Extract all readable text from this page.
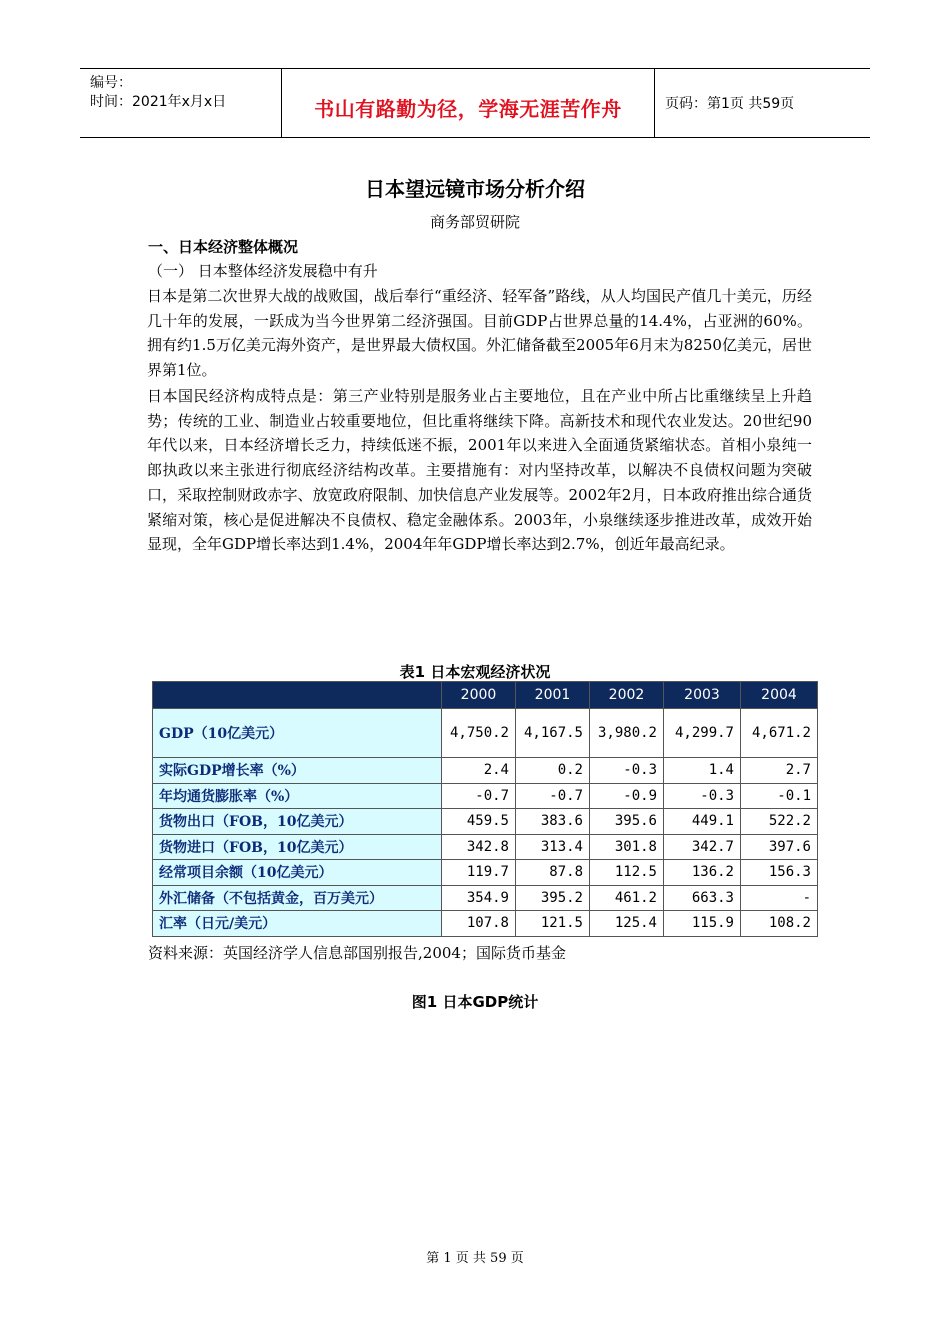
编号：
时间：2021年x月x日	书山有路勤为径，学海无涯苦作舟	页码：第1页 共59页
日本望远镜市场分析介绍
商务部贸研院
一、日本经济整体概况
（一） 日本整体经济发展稳中有升

日本是第二次世界大战的战败国，战后奉行“重经济、轻军备”路线，从人均国民产值几十美元，历经几十年的发展，一跃成为当今世界第二经济强国。目前GDP占世界总量的14.4%，占亚洲的60%。拥有约1.5万亿美元海外资产，是世界最大债权国。外汇储备截至2005年6月末为8250亿美元，居世界第1位。

日本国民经济构成特点是：第三产业特别是服务业占主要地位，且在产业中所占比重继续呈上升趋势；传统的工业、制造业占较重要地位，但比重将继续下降。高新技术和现代农业发达。20世纪90年代以来，日本经济增长乏力，持续低迷不振，2001年以来进入全面通货紧缩状态。首相小泉纯一郎执政以来主张进行彻底经济结构改革。主要措施有：对内坚持改革，以解决不良债权问题为突破口，采取控制财政赤字、放宽政府限制、加快信息产业发展等。2002年2月，日本政府推出综合通货紧缩对策，核心是促进解决不良债权、稳定金融体系。2003年，小泉继续逐步推进改革，成效开始显现，全年GDP增长率达到1.4%，2004年年GDP增长率达到2.7%，创近年最高纪录。

表1 日本宏观经济状况
	2000	2001	2002	2003	2004
GDP（10亿美元）	4,750.2	4,167.5	3,980.2	4,299.7	4,671.2
实际GDP增长率（%）	2.4	0.2	-0.3	1.4	2.7
年均通货膨胀率（%）	-0.7	-0.7	-0.9	-0.3	-0.1
货物出口（FOB，10亿美元）	459.5	383.6	395.6	449.1	522.2
货物进口（FOB，10亿美元）	342.8	313.4	301.8	342.7	397.6
经常项目余额（10亿美元）	119.7	87.8	112.5	136.2	156.3
外汇储备（不包括黄金，百万美元）	354.9	395.2	461.2	663.3	-
汇率（日元/美元）	107.8	121.5	125.4	115.9	108.2
资料来源：英国经济学人信息部国别报告,2004；国际货币基金
图1 日本GDP统计
第 1 页 共 59 页
